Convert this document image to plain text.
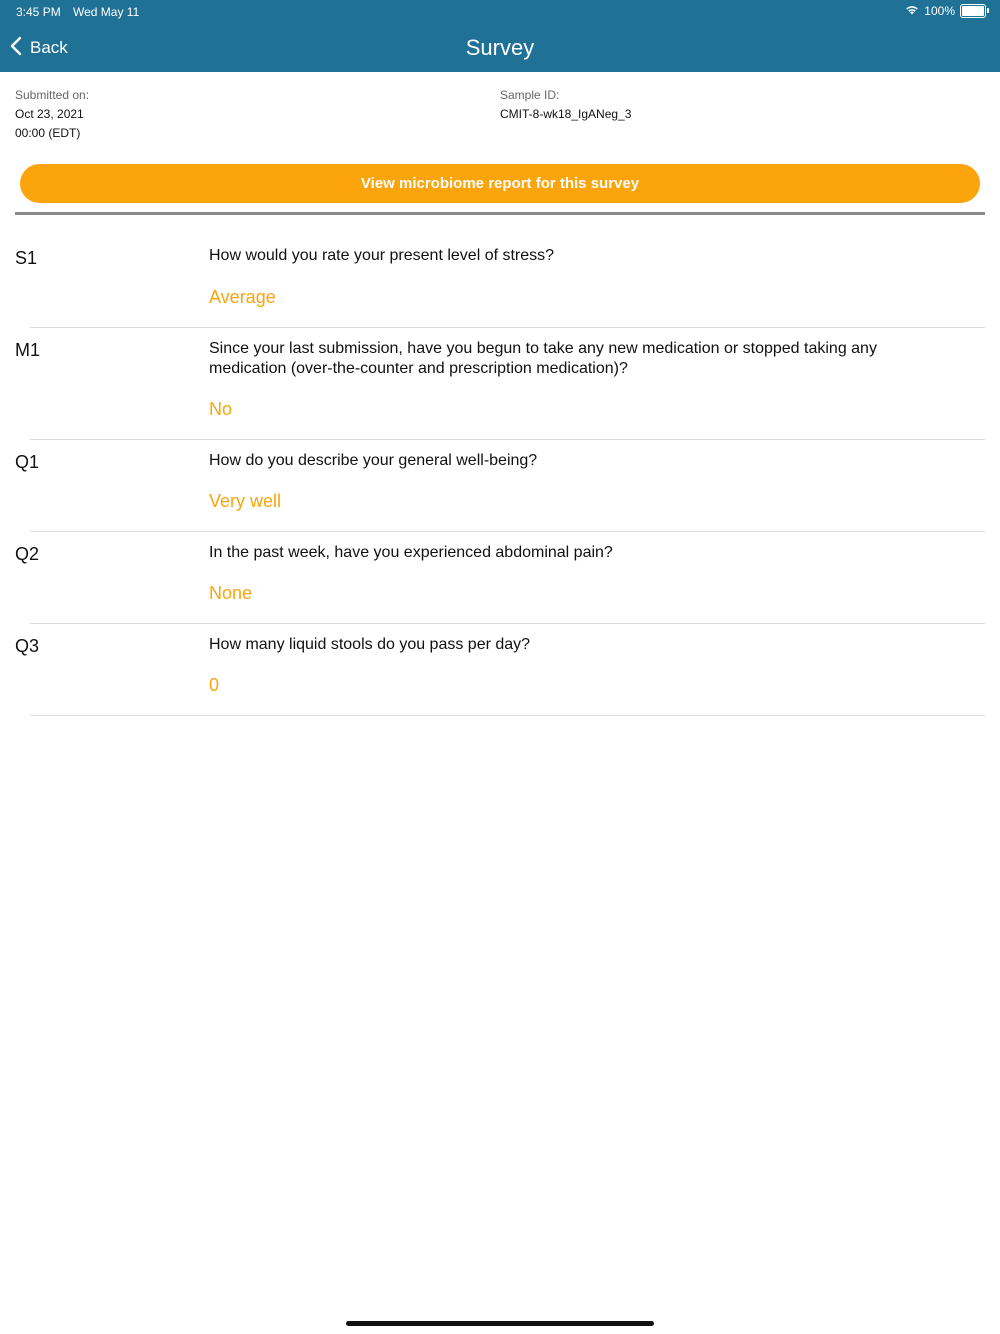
3:45 PM Wed May 11	100%
Back	Survey
Submitted on:
Oct 23, 2021
00:00 (EDT)
Sample ID:
CMIT-8-wk18_IgANeg_3
View microbiome report for this survey
S1	How would you rate your present level of stress?
Average
M1	Since your last submission, have you begun to take any new medication or stopped taking any medication (over-the-counter and prescription medication)?
No
Q1	How do you describe your general well-being?
Very well
Q2	In the past week, have you experienced abdominal pain?
None
Q3	How many liquid stools do you pass per day?
0
